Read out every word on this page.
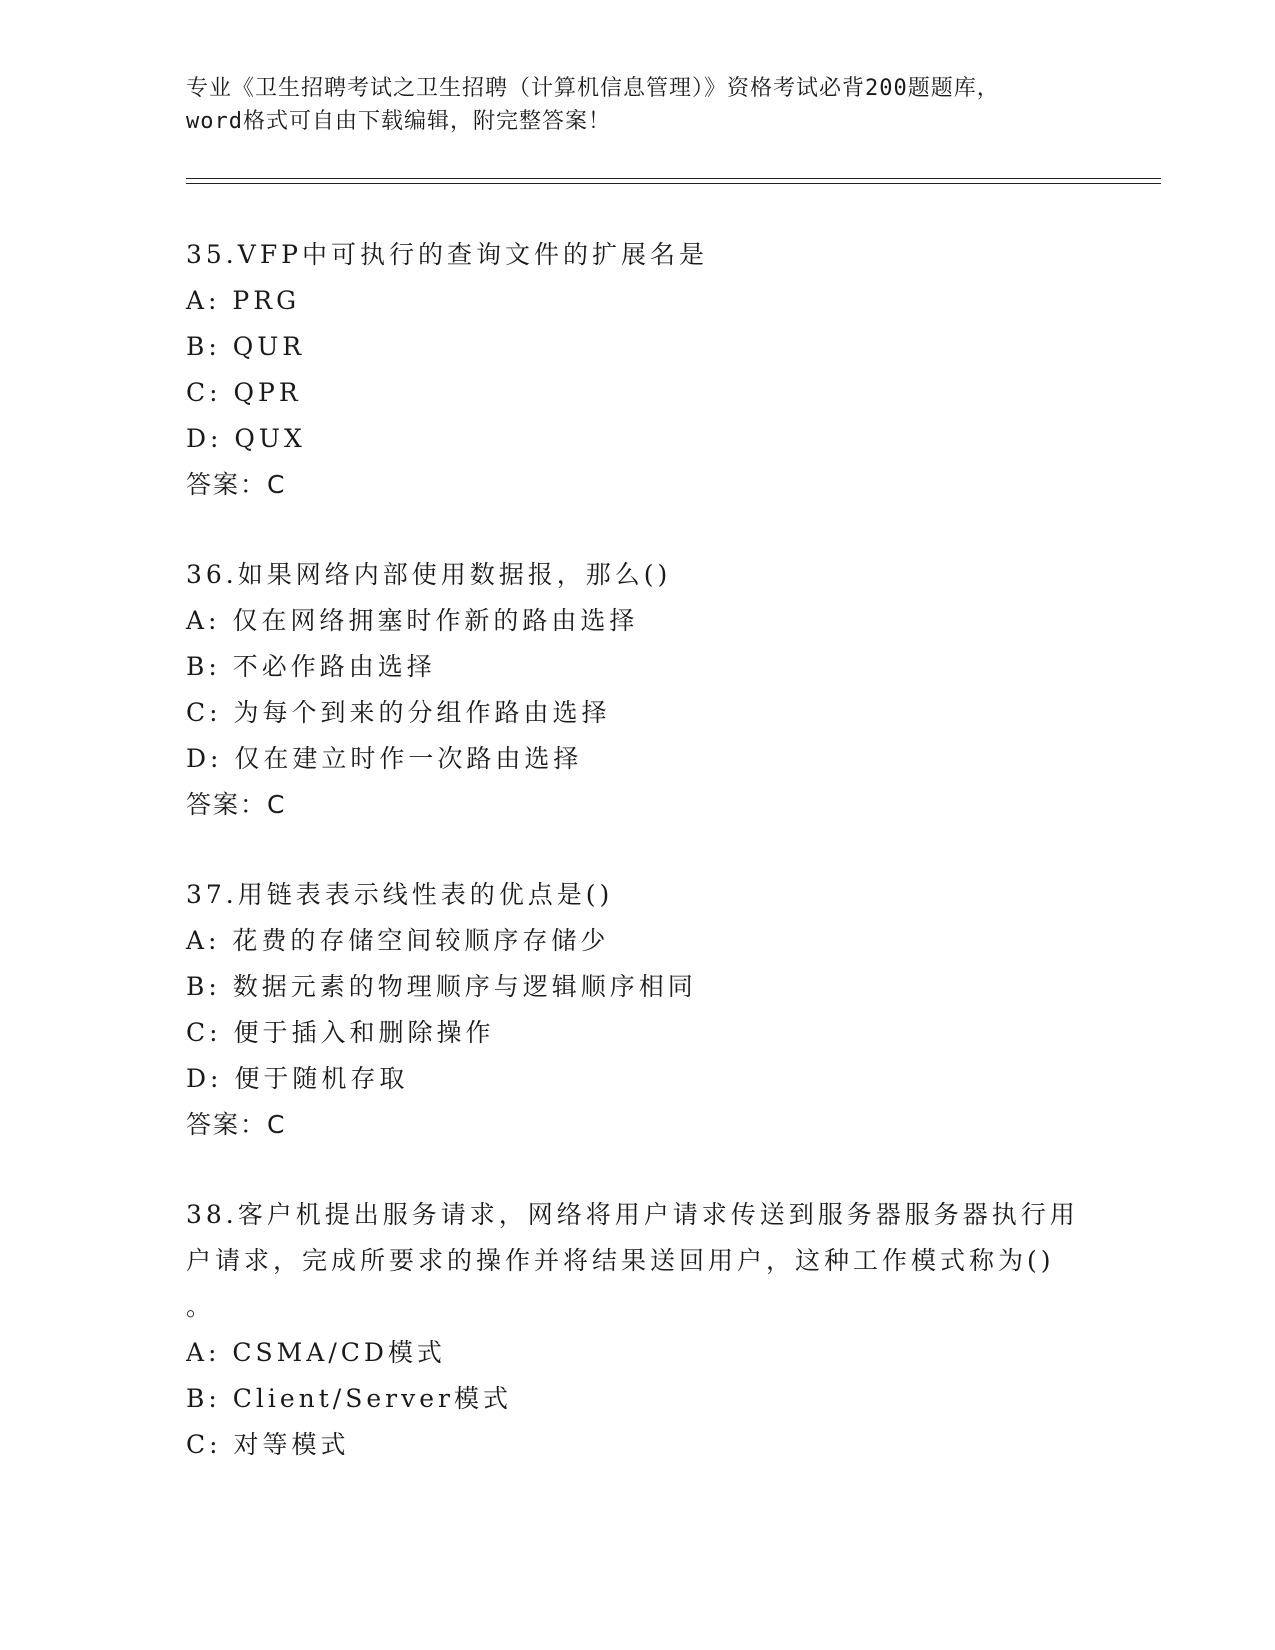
专业《卫生招聘考试之卫生招聘（计算机信息管理）》资格考试必背200题题库，
word格式可自由下载编辑，附完整答案！
35.VFP中可执行的查询文件的扩展名是
A: PRG
B: QUR
C: QPR
D: QUX
答案：C
36.如果网络内部使用数据报，那么()
A: 仅在网络拥塞时作新的路由选择
B: 不必作路由选择
C: 为每个到来的分组作路由选择
D: 仅在建立时作一次路由选择
答案：C
37.用链表表示线性表的优点是()
A: 花费的存储空间较顺序存储少
B: 数据元素的物理顺序与逻辑顺序相同
C: 便于插入和删除操作
D: 便于随机存取
答案：C
38.客户机提出服务请求，网络将用户请求传送到服务器服务器执行用
户请求，完成所要求的操作并将结果送回用户，这种工作模式称为()
。
A: CSMA/CD模式
B: Client/Server模式
C: 对等模式
